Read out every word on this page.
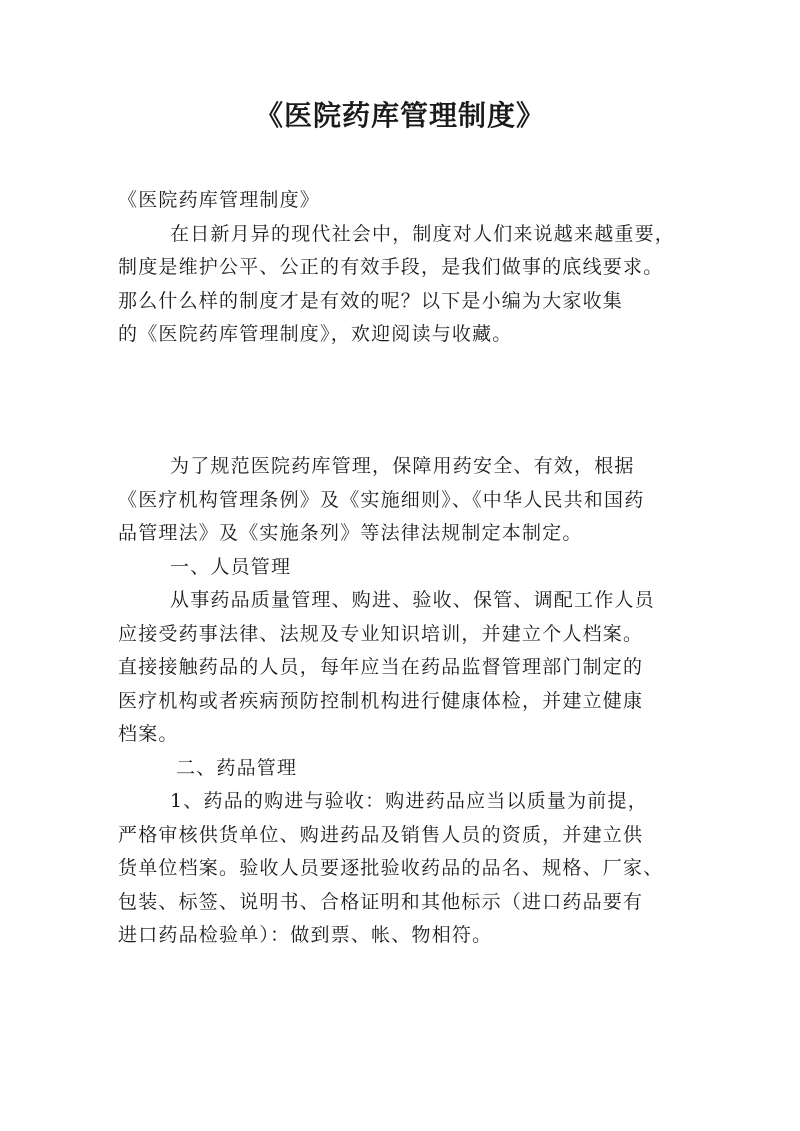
《医院药库管理制度》
《医院药库管理制度》
在日新月异的现代社会中，制度对人们来说越来越重要，
制度是维护公平、公正的有效手段，是我们做事的底线要求。
那么什么样的制度才是有效的呢？以下是小编为大家收集
的《医院药库管理制度》，欢迎阅读与收藏。
为了规范医院药库管理，保障用药安全、有效，根据
《医疗机构管理条例》及《实施细则》、《中华人民共和国药
品管理法》及《实施条列》等法律法规制定本制定。
一、人员管理
从事药品质量管理、购进、验收、保管、调配工作人员
应接受药事法律、法规及专业知识培训，并建立个人档案。
直接接触药品的人员，每年应当在药品监督管理部门制定的
医疗机构或者疾病预防控制机构进行健康体检，并建立健康
档案。
二、药品管理
1、药品的购进与验收：购进药品应当以质量为前提，
严格审核供货单位、购进药品及销售人员的资质，并建立供
货单位档案。验收人员要逐批验收药品的品名、规格、厂家、
包装、标签、说明书、合格证明和其他标示（进口药品要有
进口药品检验单）：做到票、帐、物相符。
